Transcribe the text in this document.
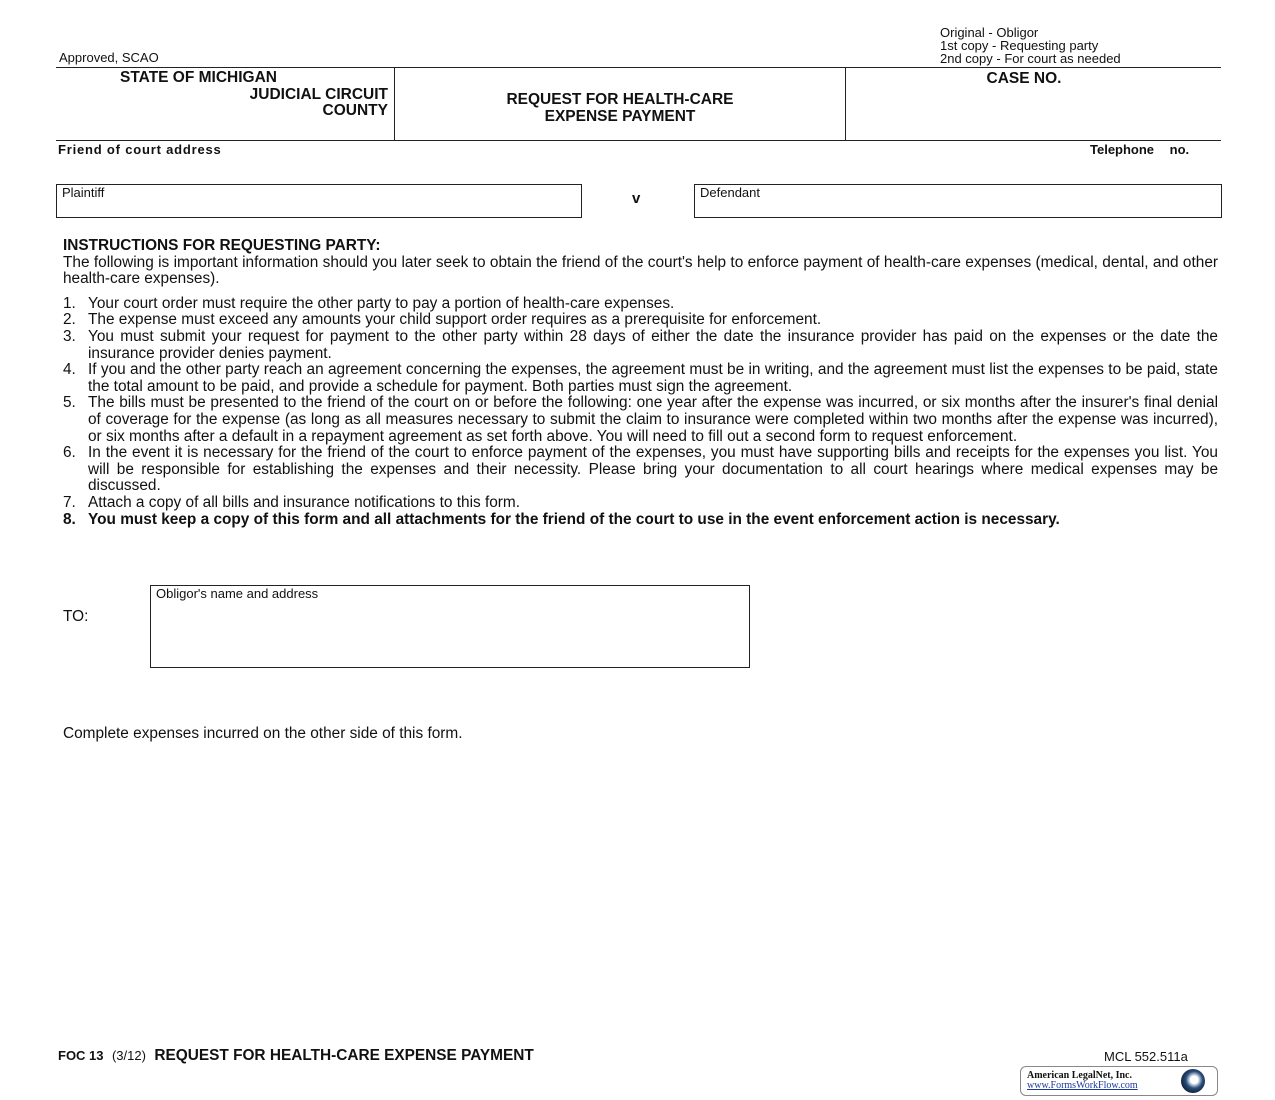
Approved, SCAO
Original - Obligor
1st copy - Requesting party
2nd copy - For court as needed
STATE OF MICHIGAN
JUDICIAL CIRCUIT
COUNTY
REQUEST FOR HEALTH-CARE
EXPENSE PAYMENT
CASE NO.
Friend of court address	Telephone no.
Plaintiff	v	Defendant
INSTRUCTIONS FOR REQUESTING PARTY:
The following is important information should you later seek to obtain the friend of the court's help to enforce payment of health-care expenses (medical, dental, and other health-care expenses).
1. Your court order must require the other party to pay a portion of health-care expenses.
2. The expense must exceed any amounts your child support order requires as a prerequisite for enforcement.
3. You must submit your request for payment to the other party within 28 days of either the date the insurance provider has paid on the expenses or the date the insurance provider denies payment.
4. If you and the other party reach an agreement concerning the expenses, the agreement must be in writing, and the agreement must list the expenses to be paid, state the total amount to be paid, and provide a schedule for payment. Both parties must sign the agreement.
5. The bills must be presented to the friend of the court on or before the following: one year after the expense was incurred, or six months after the insurer's final denial of coverage for the expense (as long as all measures necessary to submit the claim to insurance were completed within two months after the expense was incurred), or six months after a default in a repayment agreement as set forth above. You will need to fill out a second form to request enforcement.
6. In the event it is necessary for the friend of the court to enforce payment of the expenses, you must have supporting bills and receipts for the expenses you list. You will be responsible for establishing the expenses and their necessity. Please bring your documentation to all court hearings where medical expenses may be discussed.
7. Attach a copy of all bills and insurance notifications to this form.
8. You must keep a copy of this form and all attachments for the friend of the court to use in the event enforcement action is necessary.
TO:
Obligor's name and address
Complete expenses incurred on the other side of this form.
FOC 13 (3/12) REQUEST FOR HEALTH-CARE EXPENSE PAYMENT	MCL 552.511a
American LegalNet, Inc.
www.FormsWorkFlow.com
